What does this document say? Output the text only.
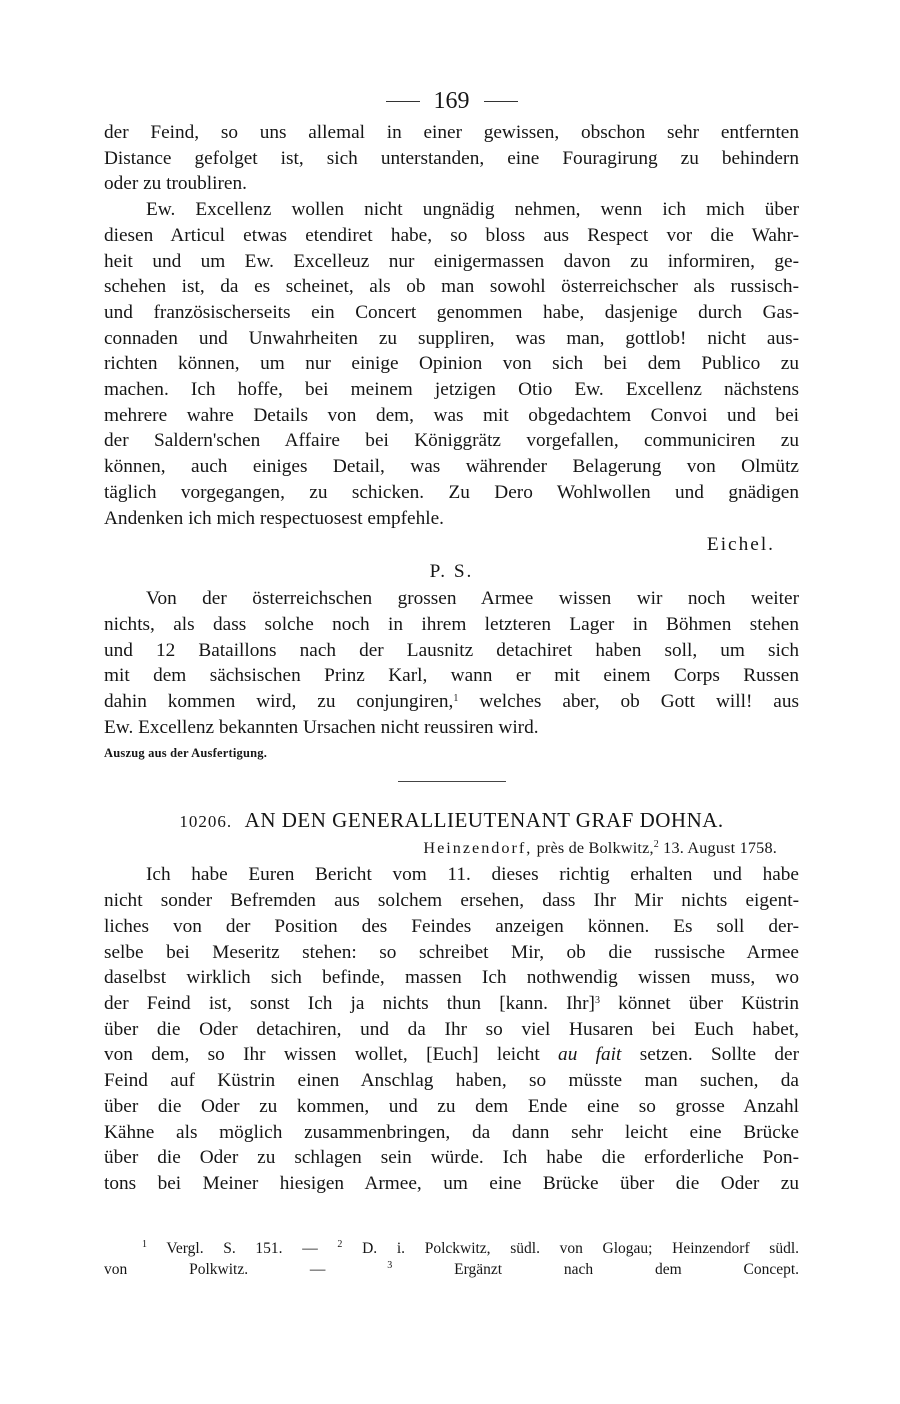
169
der Feind, so uns allemal in einer gewissen, obschon sehr entfernten
Distance gefolget ist, sich unterstanden, eine Fouragirung zu behindern
oder zu troubliren.
Ew. Excellenz wollen nicht ungnädig nehmen, wenn ich mich über
diesen Articul etwas etendiret habe, so bloss aus Respect vor die Wahr-
heit und um Ew. Excelleuz nur einigermassen davon zu informiren, ge-
schehen ist, da es scheinet, als ob man sowohl österreichscher als russisch-
und französischerseits ein Concert genommen habe, dasjenige durch Gas-
connaden und Unwahrheiten zu suppliren, was man, gottlob! nicht aus-
richten können, um nur einige Opinion von sich bei dem Publico zu
machen. Ich hoffe, bei meinem jetzigen Otio Ew. Excellenz nächstens
mehrere wahre Details von dem, was mit obgedachtem Convoi und bei
der Saldern'schen Affaire bei Königgrätz vorgefallen, communiciren zu
können, auch einiges Detail, was währender Belagerung von Olmütz
täglich vorgegangen, zu schicken. Zu Dero Wohlwollen und gnädigen
Andenken ich mich respectuosest empfehle.
Eichel.
P. S.
Von der österreichschen grossen Armee wissen wir noch weiter
nichts, als dass solche noch in ihrem letzteren Lager in Böhmen stehen
und 12 Bataillons nach der Lausnitz detachiret haben soll, um sich
mit dem sächsischen Prinz Karl, wann er mit einem Corps Russen
dahin kommen wird, zu conjungiren,$^1$ welches aber, ob Gott will! aus
Ew. Excellenz bekannten Ursachen nicht reussiren wird.
Auszug aus der Ausfertigung.
10206. AN DEN GENERALLIEUTENANT GRAF DOHNA.
Heinzendorf, près de Bolkwitz,$^2$ 13. August 1758.
Ich habe Euren Bericht vom 11. dieses richtig erhalten und habe
nicht sonder Befremden aus solchem ersehen, dass Ihr Mir nichts eigent-
liches von der Position des Feindes anzeigen können. Es soll der-
selbe bei Meseritz stehen: so schreibet Mir, ob die russische Armee
daselbst wirklich sich befinde, massen Ich nothwendig wissen muss, wo
der Feind ist, sonst Ich ja nichts thun [kann. Ihr]$^3$ könnet über Küstrin
über die Oder detachiren, und da Ihr so viel Husaren bei Euch habet,
von dem, so Ihr wissen wollet, [Euch] leicht au fait setzen. Sollte der
Feind auf Küstrin einen Anschlag haben, so müsste man suchen, da
über die Oder zu kommen, und zu dem Ende eine so grosse Anzahl
Kähne als möglich zusammenbringen, da dann sehr leicht eine Brücke
über die Oder zu schlagen sein würde. Ich habe die erforderliche Pon-
tons bei Meiner hiesigen Armee, um eine Brücke über die Oder zu
$^1$ Vergl. S. 151. — $^2$ D. i. Polckwitz, südl. von Glogau; Heinzendorf südl.
von Polkwitz. —	$^3$	Ergänzt nach dem Concept.
